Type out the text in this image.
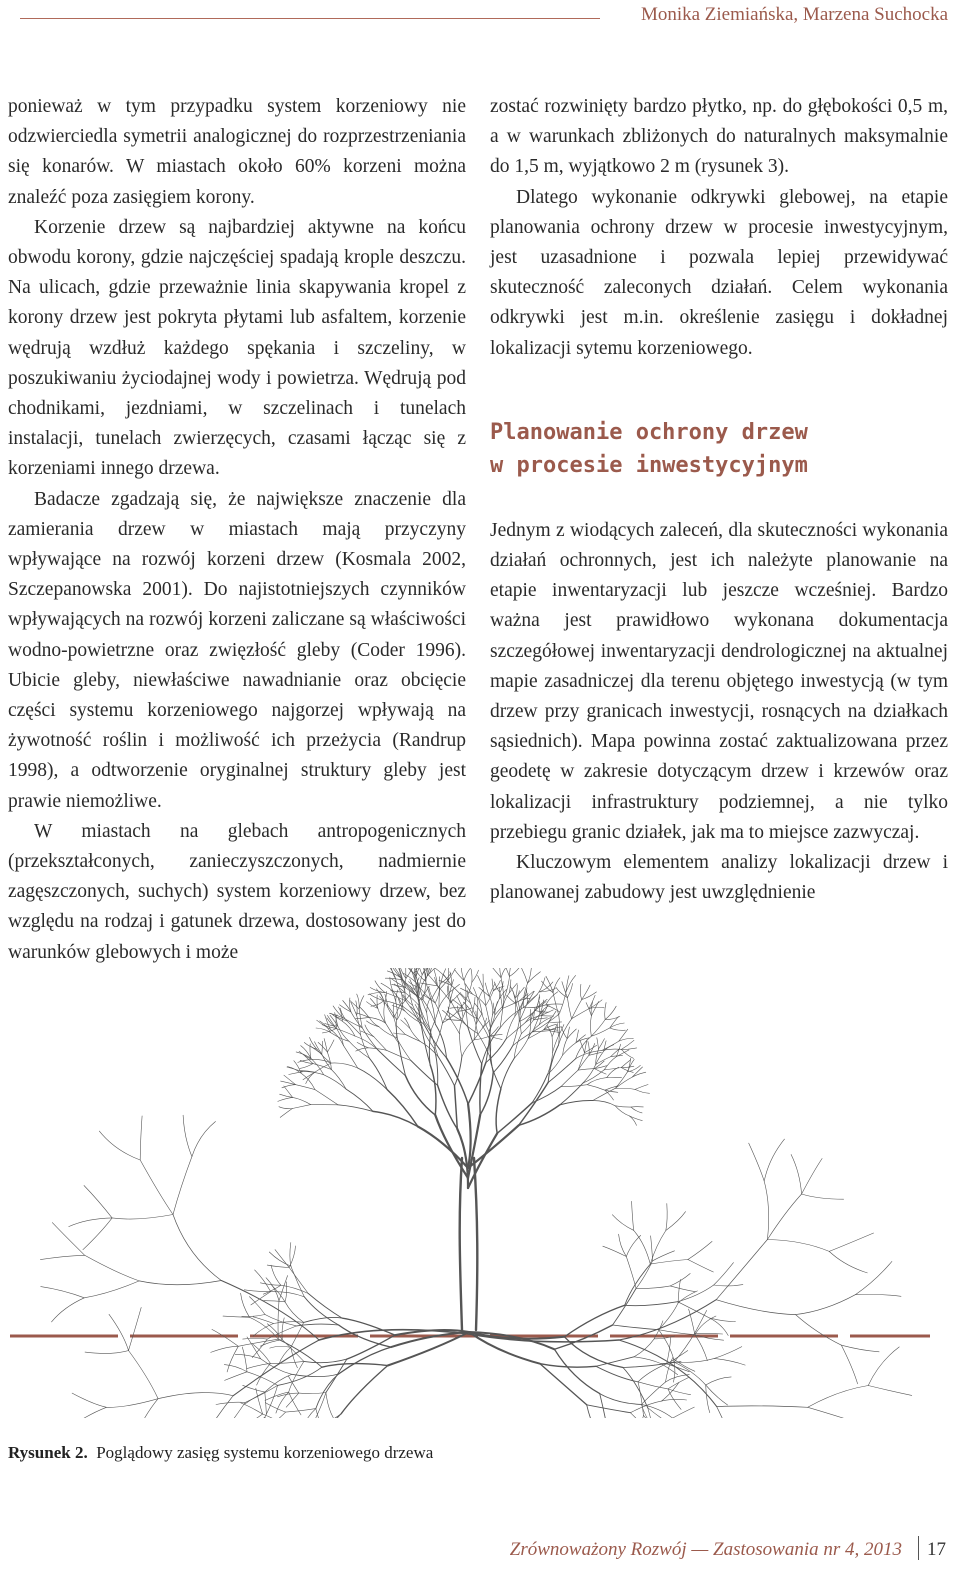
Monika Ziemiańska, Marzena Suchocka

ponieważ w tym przypadku system korzeniowy nie odzwierciedla symetrii analogicznej do rozprzestrzeniania się konarów. W miastach około 60% korzeni można znaleźć poza zasięgiem korony.

Korzenie drzew są najbardziej aktywne na końcu obwodu korony, gdzie najczęściej spadają krople deszczu. Na ulicach, gdzie przeważnie linia skapywania kropel z korony drzew jest pokryta płytami lub asfaltem, korzenie wędrują wzdłuż każdego spękania i szczeliny, w poszukiwaniu życiodajnej wody i powietrza. Wędrują pod chodnikami, jezdniami, w szczelinach i tunelach instalacji, tunelach zwierzęcych, czasami łącząc się z korzeniami innego drzewa.

Badacze zgadzają się, że największe znaczenie dla zamierania drzew w miastach mają przyczyny wpływające na rozwój korzeni drzew (Kosmala 2002, Szczepanowska 2001). Do najistotniejszych czynników wpływających na rozwój korzeni zaliczane są właściwości wodno-powietrzne oraz zwięzłość gleby (Coder 1996). Ubicie gleby, niewłaściwe nawadnianie oraz obcięcie części systemu korzeniowego najgorzej wpływają na żywotność roślin i możliwość ich przeżycia (Randrup 1998), a odtworzenie oryginalnej struktury gleby jest prawie niemożliwe.

W miastach na glebach antropogenicznych (przekształconych, zanieczyszczonych, nadmiernie zagęszczonych, suchych) system korzeniowy drzew, bez względu na rodzaj i gatunek drzewa, dostosowany jest do warunków glebowych i może

zostać rozwinięty bardzo płytko, np. do głębokości 0,5 m, a w warunkach zbliżonych do naturalnych maksymalnie do 1,5 m, wyjątkowo 2 m (rysunek 3).

Dlatego wykonanie odkrywki glebowej, na etapie planowania ochrony drzew w procesie inwestycyjnym, jest uzasadnione i pozwala lepiej przewidywać skuteczność zaleconych działań. Celem wykonania odkrywki jest m.in. określenie zasięgu i dokładnej lokalizacji sytemu korzeniowego.

Planowanie ochrony drzew
w procesie inwestycyjnym

Jednym z wiodących zaleceń, dla skuteczności wykonania działań ochronnych, jest ich należyte planowanie na etapie inwentaryzacji lub jeszcze wcześniej. Bardzo ważna jest prawidłowo wykonana dokumentacja szczegółowej inwentaryzacji dendrologicznej na aktualnej mapie zasadniczej dla terenu objętego inwestycją (w tym drzew przy granicach inwestycji, rosnących na działkach sąsiednich). Mapa powinna zostać zaktualizowana przez geodetę w zakresie dotyczącym drzew i krzewów oraz lokalizacji infrastruktury podziemnej, a nie tylko przebiegu granic działek, jak ma to miejsce zazwyczaj.

Kluczowym elementem analizy lokalizacji drzew i planowanej zabudowy jest uwzględnienie

Rysunek 2. Poglądowy zasięg systemu korzeniowego drzewa
Zrównoważony Rozwój — Zastosowania nr 4, 2013 17
